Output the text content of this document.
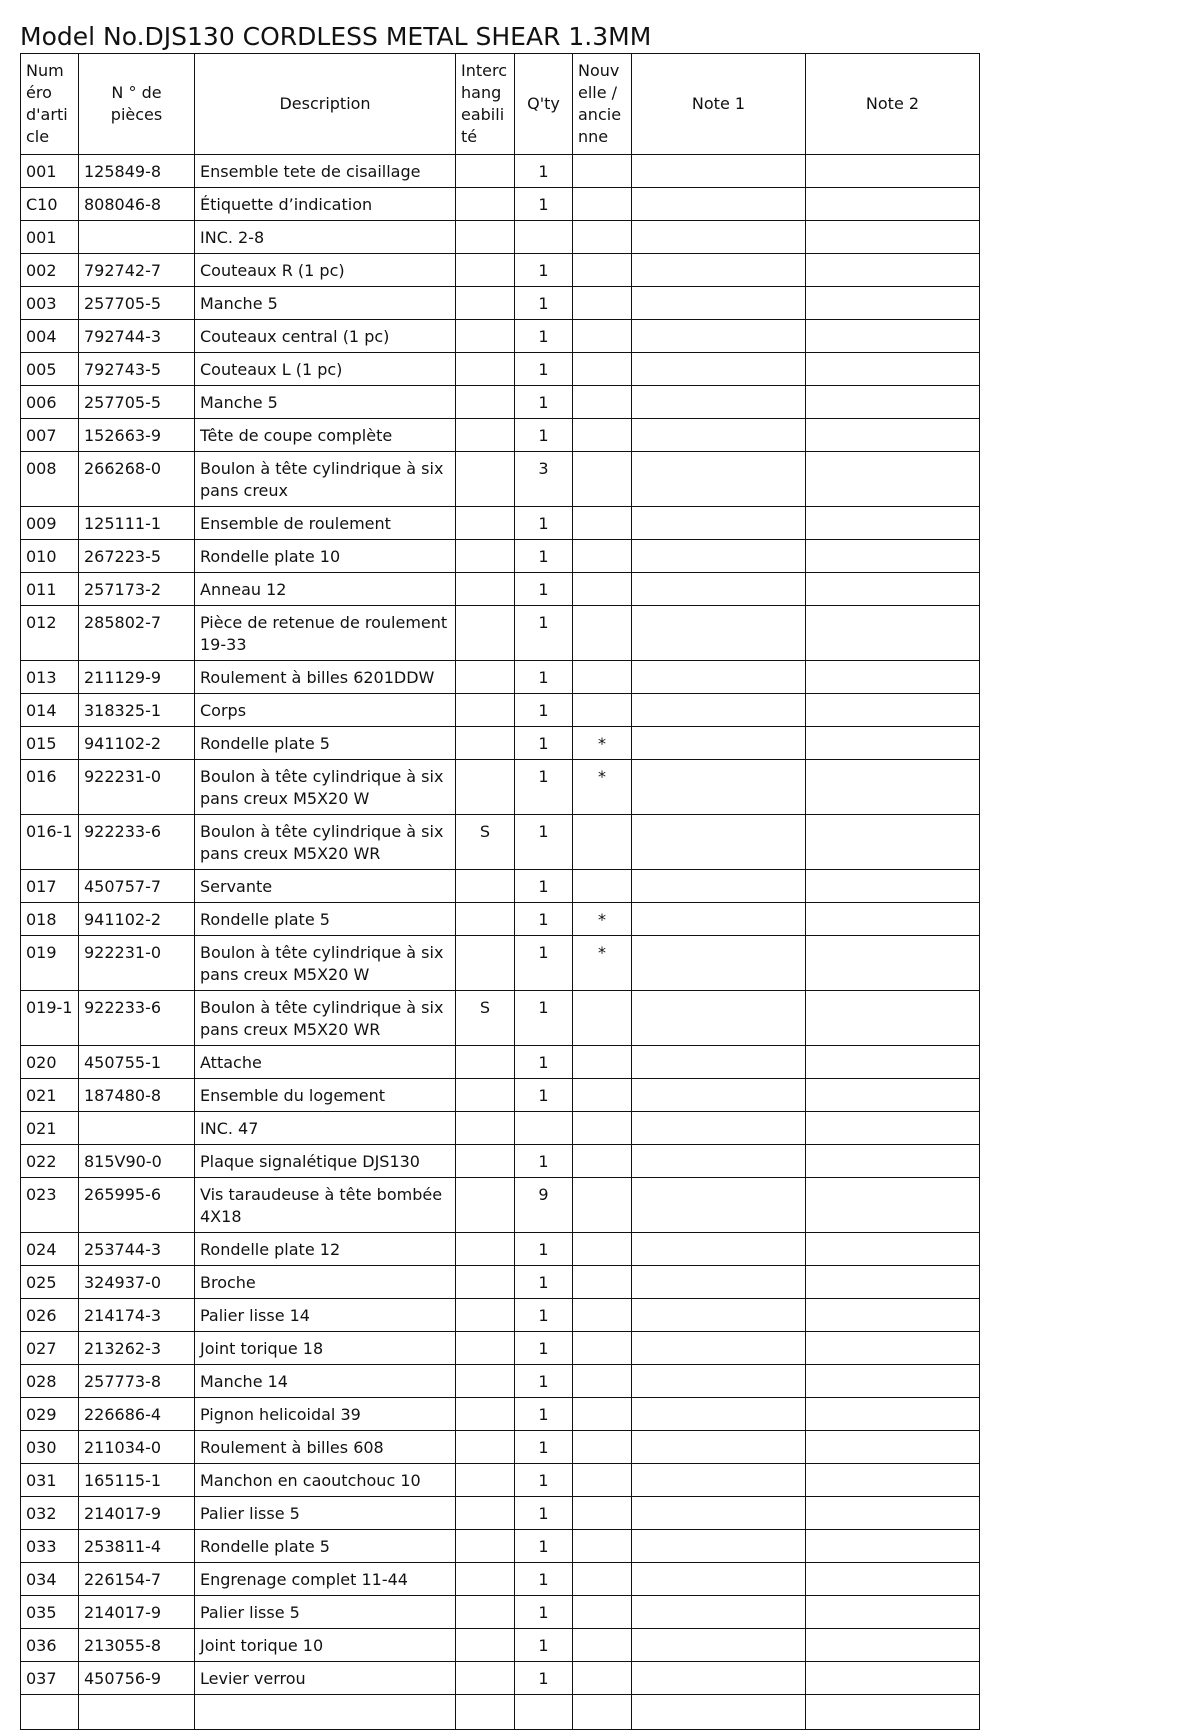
Model No.DJS130 CORDLESS METAL SHEAR 1.3MM
Numéro d'article	N ° de pièces	Description	Interchangeabilité	Q'ty	Nouvelle / ancienne	Note 1	Note 2
001	125849-8	Ensemble tete de cisaillage		1			
C10	808046-8	Étiquette d’indication		1			
001		INC. 2-8					
002	792742-7	Couteaux R (1 pc)		1			
003	257705-5	Manche 5		1			
004	792744-3	Couteaux central (1 pc)		1			
005	792743-5	Couteaux L (1 pc)		1			
006	257705-5	Manche 5		1			
007	152663-9	Tête de coupe complète		1			
008	266268-0	Boulon à tête cylindrique à six pans creux		3			
009	125111-1	Ensemble de roulement		1			
010	267223-5	Rondelle plate 10		1			
011	257173-2	Anneau 12		1			
012	285802-7	Pièce de retenue de roulement 19-33		1			
013	211129-9	Roulement à billes 6201DDW		1			
014	318325-1	Corps		1			
015	941102-2	Rondelle plate 5		1	*		
016	922231-0	Boulon à tête cylindrique à six pans creux M5X20 W		1	*		
016-1	922233-6	Boulon à tête cylindrique à six pans creux M5X20 WR	S	1			
017	450757-7	Servante		1			
018	941102-2	Rondelle plate 5		1	*		
019	922231-0	Boulon à tête cylindrique à six pans creux M5X20 W		1	*		
019-1	922233-6	Boulon à tête cylindrique à six pans creux M5X20 WR	S	1			
020	450755-1	Attache		1			
021	187480-8	Ensemble du logement		1			
021		INC. 47					
022	815V90-0	Plaque signalétique DJS130		1			
023	265995-6	Vis taraudeuse à tête bombée 4X18		9			
024	253744-3	Rondelle plate 12		1			
025	324937-0	Broche		1			
026	214174-3	Palier lisse 14		1			
027	213262-3	Joint torique 18		1			
028	257773-8	Manche 14		1			
029	226686-4	Pignon helicoidal 39		1			
030	211034-0	Roulement à billes 608		1			
031	165115-1	Manchon en caoutchouc 10		1			
032	214017-9	Palier lisse 5		1			
033	253811-4	Rondelle plate 5		1			
034	226154-7	Engrenage complet 11-44		1			
035	214017-9	Palier lisse 5		1			
036	213055-8	Joint torique 10		1			
037	450756-9	Levier verrou		1			
